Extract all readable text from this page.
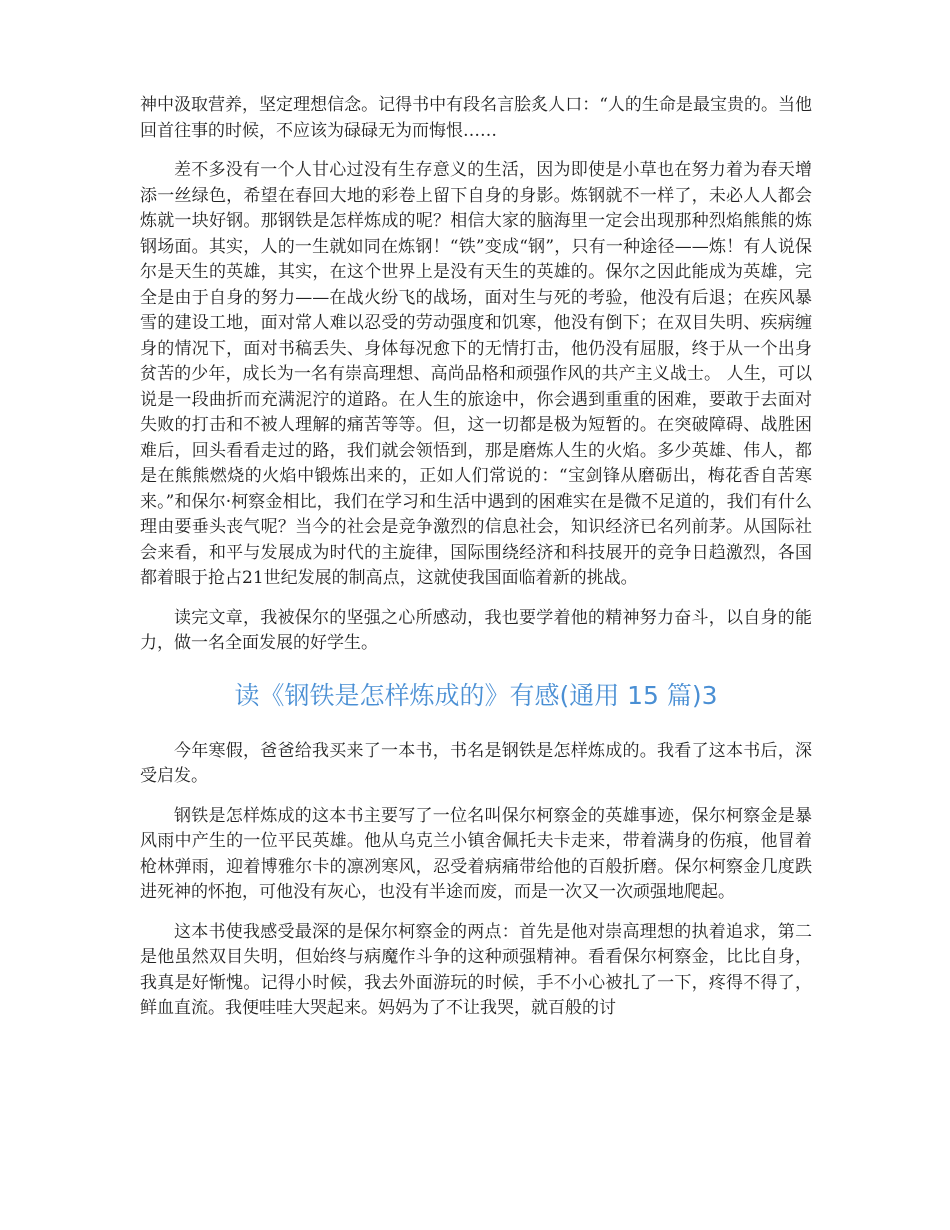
神中汲取营养，坚定理想信念。记得书中有段名言脍炙人口：“人的生命是最宝贵的。当他回首往事的时候，不应该为碌碌无为而悔恨……

差不多没有一个人甘心过没有生存意义的生活，因为即使是小草也在努力着为春天增添一丝绿色，希望在春回大地的彩卷上留下自身的身影。炼钢就不一样了，未必人人都会炼就一块好钢。那钢铁是怎样炼成的呢？相信大家的脑海里一定会出现那种烈焰熊熊的炼钢场面。其实，人的一生就如同在炼钢！“铁”变成“钢”，只有一种途径——炼！有人说保尔是天生的英雄，其实，在这个世界上是没有天生的英雄的。保尔之因此能成为英雄，完全是由于自身的努力——在战火纷飞的战场，面对生与死的考验，他没有后退；在疾风暴雪的建设工地，面对常人难以忍受的劳动强度和饥寒，他没有倒下；在双目失明、疾病缠身的情况下，面对书稿丢失、身体每况愈下的无情打击，他仍没有屈服，终于从一个出身贫苦的少年，成长为一名有崇高理想、高尚品格和顽强作风的共产主义战士。 人生，可以说是一段曲折而充满泥泞的道路。在人生的旅途中，你会遇到重重的困难，要敢于去面对失败的打击和不被人理解的痛苦等等。但，这一切都是极为短暂的。在突破障碍、战胜困难后，回头看看走过的路，我们就会领悟到，那是磨炼人生的火焰。多少英雄、伟人，都是在熊熊燃烧的火焰中锻炼出来的，正如人们常说的：“宝剑锋从磨砺出，梅花香自苦寒来。”和保尔·柯察金相比，我们在学习和生活中遇到的困难实在是微不足道的，我们有什么理由要垂头丧气呢？当今的社会是竞争激烈的信息社会，知识经济已名列前茅。从国际社会来看，和平与发展成为时代的主旋律，国际围绕经济和科技展开的竞争日趋激烈，各国都着眼于抢占21世纪发展的制高点，这就使我国面临着新的挑战。

读完文章，我被保尔的坚强之心所感动，我也要学着他的精神努力奋斗，以自身的能力，做一名全面发展的好学生。

读《钢铁是怎样炼成的》有感(通用 15 篇)3

今年寒假，爸爸给我买来了一本书，书名是钢铁是怎样炼成的。我看了这本书后，深受启发。

钢铁是怎样炼成的这本书主要写了一位名叫保尔柯察金的英雄事迹，保尔柯察金是暴风雨中产生的一位平民英雄。他从乌克兰小镇舍佩托夫卡走来，带着满身的伤痕，他冒着枪林弹雨，迎着博雅尔卡的凛冽寒风，忍受着病痛带给他的百般折磨。保尔柯察金几度跌进死神的怀抱，可他没有灰心，也没有半途而废，而是一次又一次顽强地爬起。

这本书使我感受最深的是保尔柯察金的两点：首先是他对崇高理想的执着追求，第二是他虽然双目失明，但始终与病魔作斗争的这种顽强精神。看看保尔柯察金，比比自身，我真是好惭愧。记得小时候，我去外面游玩的时候，手不小心被扎了一下，疼得不得了，鲜血直流。我便哇哇大哭起来。妈妈为了不让我哭，就百般的讨
